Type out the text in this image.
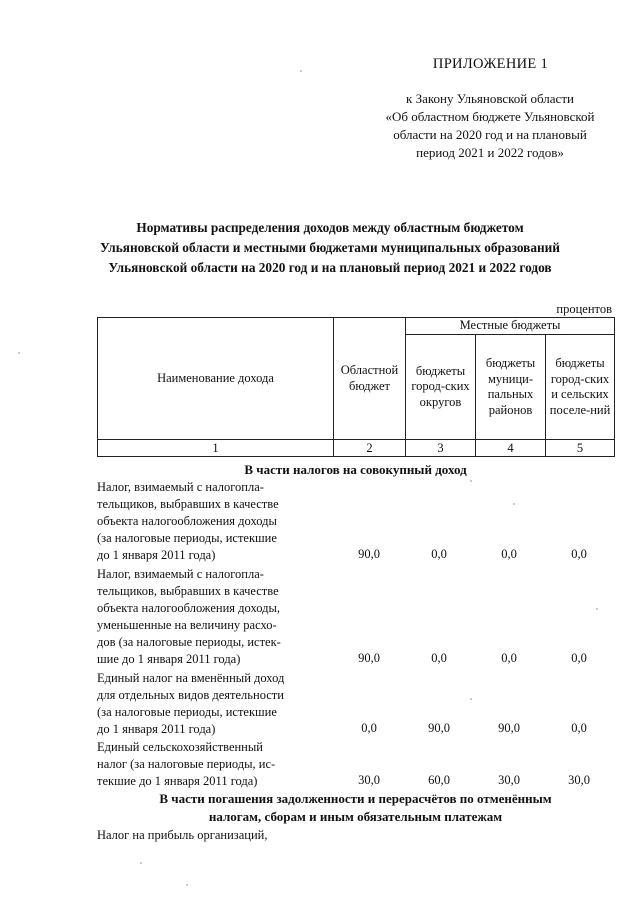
ПРИЛОЖЕНИЕ 1
к Закону Ульяновской области
«Об областном бюджете Ульяновской
области на 2020 год и на плановый
период 2021 и 2022 годов»
Нормативы распределения доходов между областным бюджетом
Ульяновской области и местными бюджетами муниципальных образований
Ульяновской области на 2020 год и на плановый период 2021 и 2022 годов
процентов
Наименование дохода	Областной бюджет	Местные бюджеты		
		бюджеты город-ских округов	бюджеты муници-пальных районов	бюджеты город-ских и сельских поселе-ний
1	2	3	4	5
В части налогов на совокупный доход
Налог, взимаемый с налогопла-
тельщиков, выбравших в качестве
объекта налогообложения доходы
(за налоговые периоды, истекшие
до 1 января 2011 года)	90,0	0,0	0,0	0,0
Налог, взимаемый с налогопла-
тельщиков, выбравших в качестве
объекта налогообложения доходы,
уменьшенные на величину расхо-
дов (за налоговые периоды, истек-
шие до 1 января 2011 года)	90,0	0,0	0,0	0,0
Единый налог на вменённый доход
для отдельных видов деятельности
(за налоговые периоды, истекшие
до 1 января 2011 года)	0,0	90,0	90,0	0,0
Единый сельскохозяйственный
налог (за налоговые периоды, ис-
текшие до 1 января 2011 года)	30,0	60,0	30,0	30,0
В части погашения задолженности и перерасчётов по отменённым
налогам, сборам и иным обязательным платежам
Налог на прибыль организаций,
